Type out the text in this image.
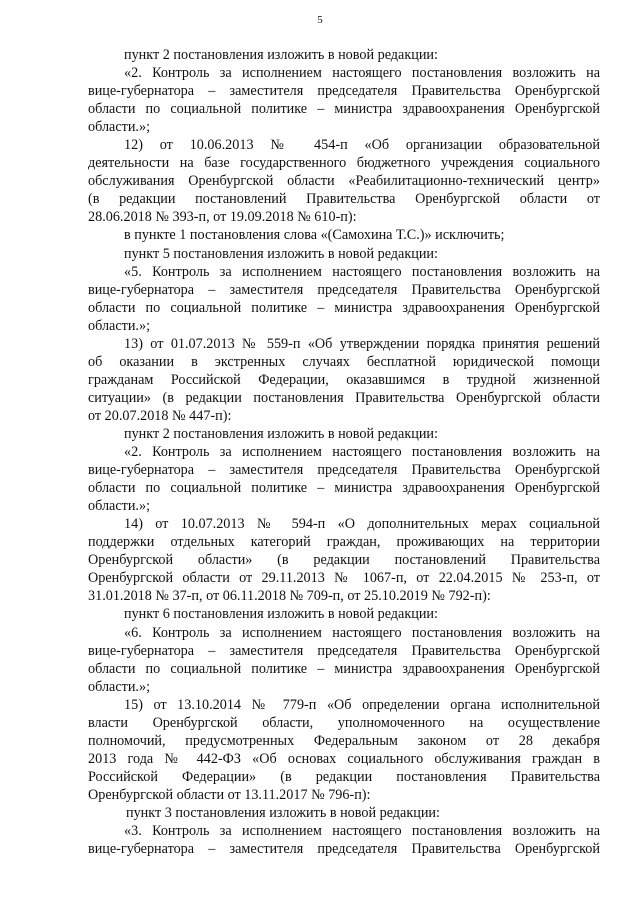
5
пункт 2 постановления изложить в новой редакции:
«2. Контроль за исполнением настоящего постановления возложить на
вице-губернатора – заместителя председателя Правительства Оренбургской
области по социальной политике – министра здравоохранения Оренбургской
области.»;
12) от 10.06.2013 № 454-п «Об организации образовательной
деятельности на базе государственного бюджетного учреждения социального
обслуживания Оренбургской области «Реабилитационно-технический центр»
(в редакции постановлений Правительства Оренбургской области от
28.06.2018 № 393-п, от 19.09.2018 № 610-п):
в пункте 1 постановления слова «(Самохина Т.С.)» исключить;
пункт 5 постановления изложить в новой редакции:
«5. Контроль за исполнением настоящего постановления возложить на
вице-губернатора – заместителя председателя Правительства Оренбургской
области по социальной политике – министра здравоохранения Оренбургской
области.»;
13) от 01.07.2013 № 559-п «Об утверждении порядка принятия решений
об оказании в экстренных случаях бесплатной юридической помощи
гражданам Российской Федерации, оказавшимся в трудной жизненной
ситуации» (в редакции постановления Правительства Оренбургской области
от 20.07.2018 № 447-п):
пункт 2 постановления изложить в новой редакции:
«2. Контроль за исполнением настоящего постановления возложить на
вице-губернатора – заместителя председателя Правительства Оренбургской
области по социальной политике – министра здравоохранения Оренбургской
области.»;
14) от 10.07.2013 № 594-п «О дополнительных мерах социальной
поддержки отдельных категорий граждан, проживающих на территории
Оренбургской области» (в редакции постановлений Правительства
Оренбургской области от 29.11.2013 № 1067-п, от 22.04.2015 № 253-п, от
31.01.2018 № 37-п, от 06.11.2018 № 709-п, от 25.10.2019 № 792-п):
пункт 6 постановления изложить в новой редакции:
«6. Контроль за исполнением настоящего постановления возложить на
вице-губернатора – заместителя председателя Правительства Оренбургской
области по социальной политике – министра здравоохранения Оренбургской
области.»;
15) от 13.10.2014 № 779-п «Об определении органа исполнительной
власти Оренбургской области, уполномоченного на осуществление
полномочий, предусмотренных Федеральным законом от 28 декабря
2013 года № 442-ФЗ «Об основах социального обслуживания граждан в
Российской Федерации» (в редакции постановления Правительства
Оренбургской области от 13.11.2017 № 796-п):
пункт 3 постановления изложить в новой редакции:
«3. Контроль за исполнением настоящего постановления возложить на
вице-губернатора – заместителя председателя Правительства Оренбургской
